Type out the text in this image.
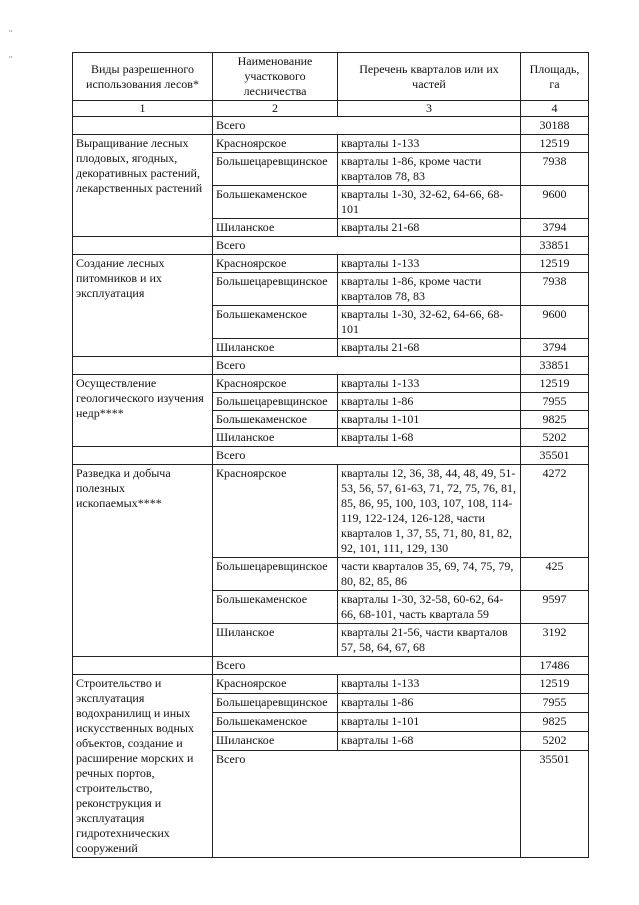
¨
¨
Виды разрешенного использования лесов*	Наименование участкового лесничества	Перечень кварталов или их частей	Площадь, га
1	2	3	4
	Всего		30188
Выращивание лесных плодовых, ягодных, декоративных растений, лекарственных растений	Красноярское	кварталы 1-133	12519
	Большецаревщинское	кварталы 1-86, кроме части кварталов 78, 83	7938
	Большекаменское	кварталы 1-30, 32-62, 64-66, 68-101	9600
	Шиланское	кварталы 21-68	3794
	Всего		33851
Создание лесных питомников и их эксплуатация	Красноярское	кварталы 1-133	12519
	Большецаревщинское	кварталы 1-86, кроме части кварталов 78, 83	7938
	Большекаменское	кварталы 1-30, 32-62, 64-66, 68-101	9600
	Шиланское	кварталы 21-68	3794
	Всего		33851
Осуществление геологического изучения недр****	Красноярское	кварталы 1-133	12519
	Большецаревщинское	кварталы 1-86	7955
	Большекаменское	кварталы 1-101	9825
	Шиланское	кварталы 1-68	5202
	Всего		35501
Разведка и добыча полезных ископаемых****	Красноярское	кварталы 12, 36, 38, 44, 48, 49, 51-53, 56, 57, 61-63, 71, 72, 75, 76, 81, 85, 86, 95, 100, 103, 107, 108, 114-119, 122-124, 126-128, части кварталов 1, 37, 55, 71, 80, 81, 82, 92, 101, 111, 129, 130	4272
	Большецаревщинское	части кварталов 35, 69, 74, 75, 79, 80, 82, 85, 86	425
	Большекаменское	кварталы 1-30, 32-58, 60-62, 64-66, 68-101, часть квартала 59	9597
	Шиланское	кварталы 21-56, части кварталов 57, 58, 64, 67, 68	3192
	Всего		17486
Строительство и эксплуатация водохранилищ и иных искусственных водных объектов, создание и расширение морских и речных портов, строительство, реконструкция и эксплуатация гидротехнических сооружений	Красноярское	кварталы 1-133	12519
	Большецаревщинское	кварталы 1-86	7955
	Большекаменское	кварталы 1-101	9825
	Шиланское	кварталы 1-68	5202
	Всего		35501
